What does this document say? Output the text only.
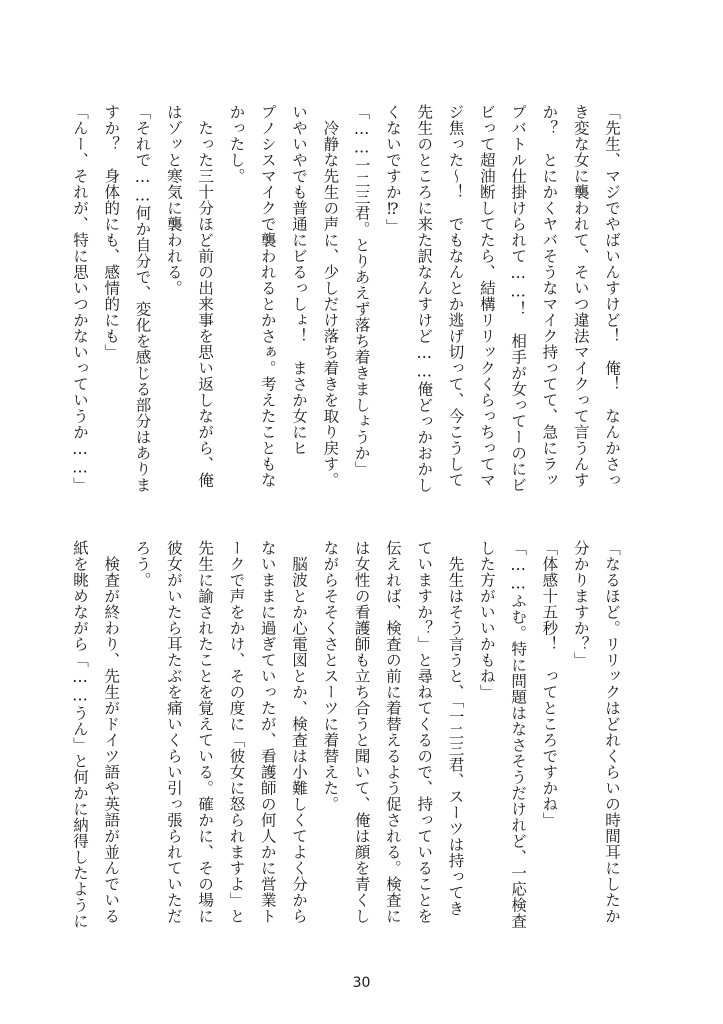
「先生、マジでやばいんすけど！　俺！　なんかさっ
き変な女に襲われて、そいつ違法マイクって言うんす
か？　とにかくヤバそうなマイク持ってて、急にラッ
プバトル仕掛けられて……！　相手が女ってーのにビ
ビって超油断してたら、結構リリックくらっちってマ
ジ焦った～！　でもなんとか逃げ切って、今こうして
先生のところに来た訳なんすけど……俺どっかおかし
くないですか⁉」
「……一二三君。とりあえず落ち着きましょうか」
　冷静な先生の声に、少しだけ落ち着きを取り戻す。
いやいやでも普通にビるっしょ！　まさか女にヒ
プノシスマイクで襲われるとかさぁ。考えたこともな
かったし。
　たった三十分ほど前の出来事を思い返しながら、俺
はゾッと寒気に襲われる。
「それで……何か自分で、変化を感じる部分はありま
すか？　身体的にも、感情的にも」
「んー、それが、特に思いつかないっていうか……」
「なるほど。リリックはどれくらいの時間耳にしたか
分かりますか？」
「体感十五秒！　ってところですかね」
「……ふむ。特に問題はなさそうだけれど、一応検査
した方がいいかもね」
　先生はそう言うと、「一二三君、スーツは持ってき
ていますか？」と尋ねてくるので、持っていることを
伝えれば、検査の前に着替えるよう促される。検査に
は女性の看護師も立ち合うと聞いて、俺は顔を青くし
ながらそそくさとスーツに着替えた。
　脳波とか心電図とか、検査は小難しくてよく分から
ないままに過ぎていったが、看護師の何人かに営業ト
ークで声をかけ、その度に「彼女に怒られますよ」と
先生に諭されたことを覚えている。確かに、その場に
彼女がいたら耳たぶを痛いくらい引っ張られていただ
ろう。
　検査が終わり、先生がドイツ語や英語が並んでいる
紙を眺めながら「……うん」と何かに納得したように
30
